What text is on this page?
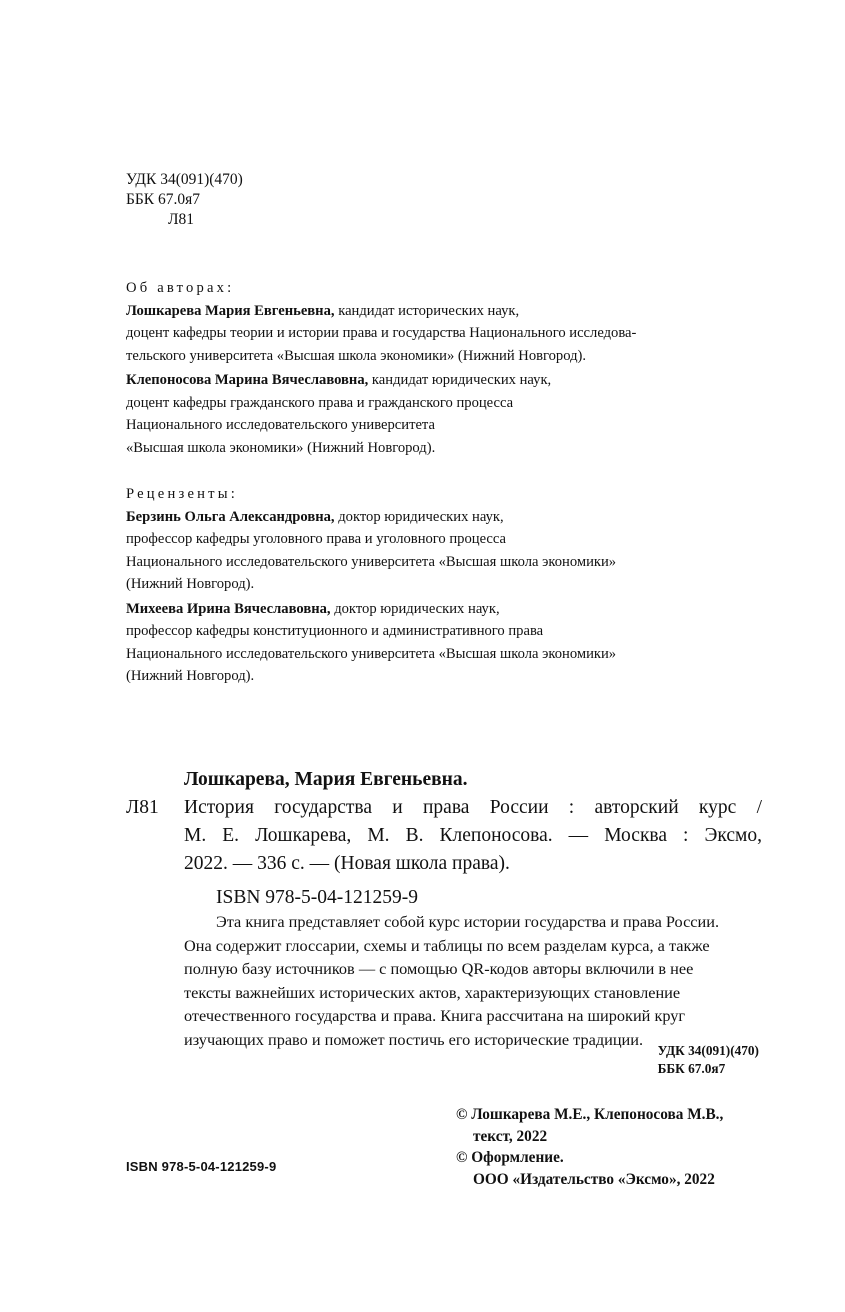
УДК 34(091)(470)
ББК 67.0я7
Л81
Об авторах:
Лошкарева Мария Евгеньевна, кандидат исторических наук,
доцент кафедры теории и истории права и государства Национального исследова-
тельского университета «Высшая школа экономики» (Нижний Новгород).
Клепоносова Марина Вячеславовна, кандидат юридических наук,
доцент кафедры гражданского права и гражданского процесса
Национального исследовательского университета
«Высшая школа экономики» (Нижний Новгород).
Рецензенты:
Берзинь Ольга Александровна, доктор юридических наук,
профессор кафедры уголовного права и уголовного процесса
Национального исследовательского университета «Высшая школа экономики»
(Нижний Новгород).
Михеева Ирина Вячеславовна, доктор юридических наук,
профессор кафедры конституционного и административного права
Национального исследовательского университета «Высшая школа экономики»
(Нижний Новгород).
Лошкарева, Мария Евгеньевна.
Л81	История государства и права России : авторский курс /
М. Е. Лошкарева, М. В. Клепоносова. — Москва : Эксмо,
2022. — 336 с. — (Новая школа права).
ISBN 978-5-04-121259-9
Эта книга представляет собой курс истории государства и права России.
Она содержит глоссарии, схемы и таблицы по всем разделам курса, а также
полную базу источников — с помощью QR-кодов авторы включили в нее
тексты важнейших исторических актов, характеризующих становление
отечественного государства и права. Книга рассчитана на широкий круг
изучающих право и поможет постичь его исторические традиции.
УДК 34(091)(470)
ББК 67.0я7
© Лошкарева М.Е., Клепоносова М.В.,
текст, 2022
© Оформление.
ООО «Издательство «Эксмо», 2022
ISBN 978-5-04-121259-9
